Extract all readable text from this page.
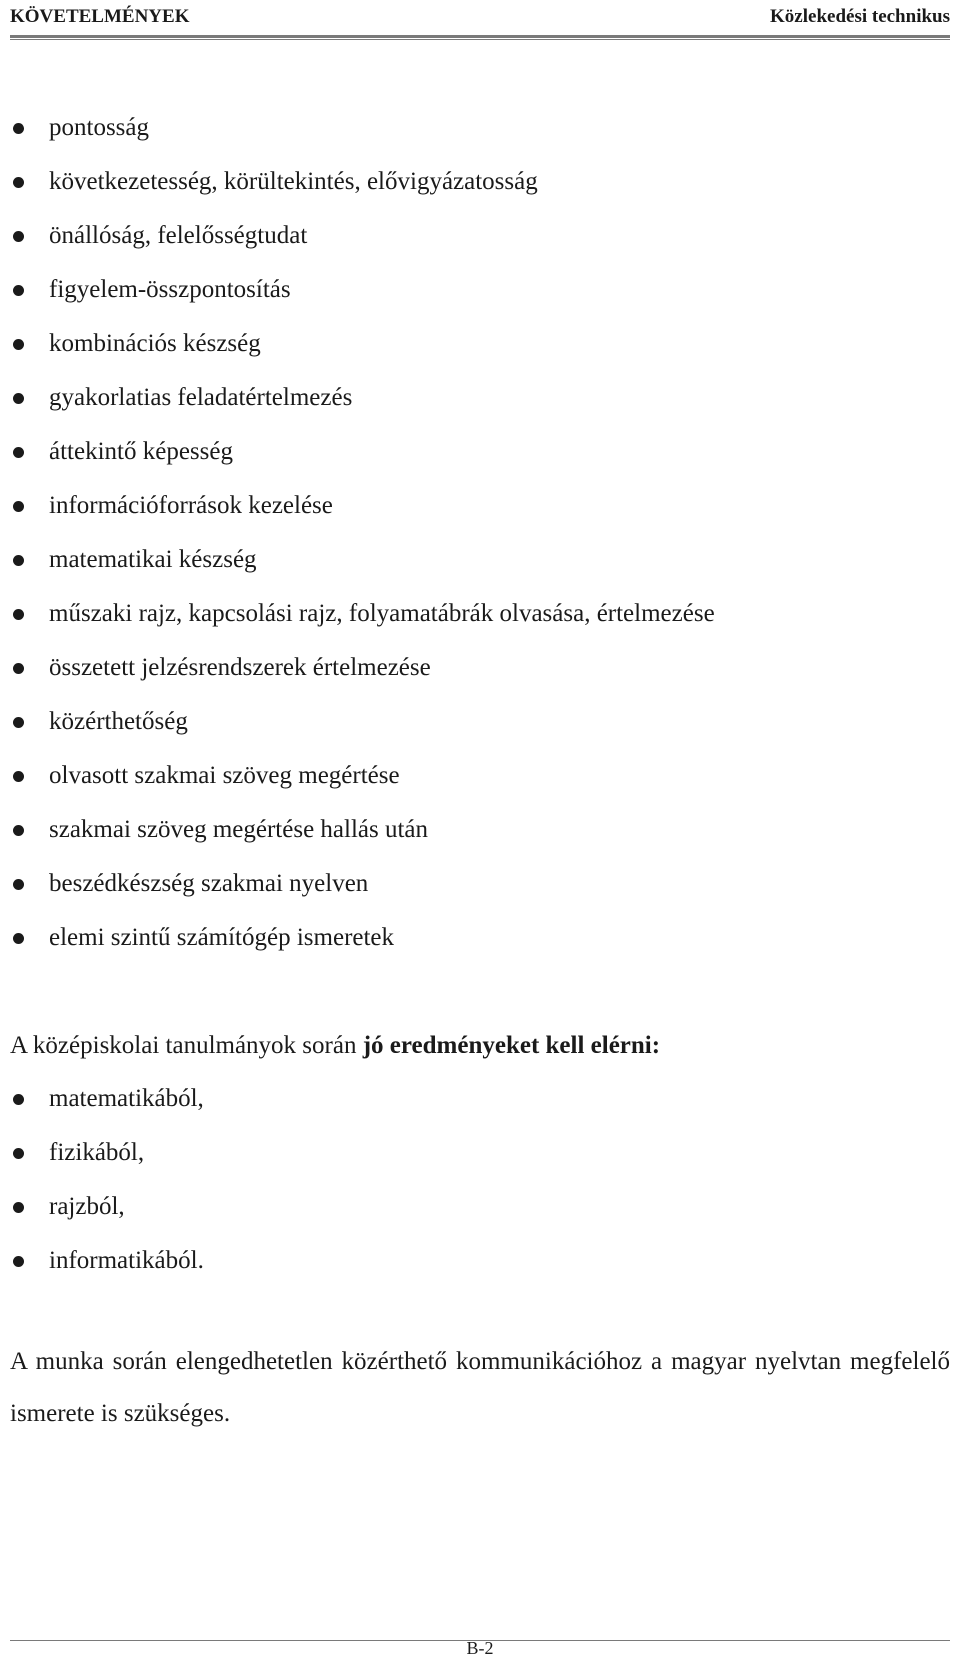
KÖVETELMÉNYEK	Közlekedési technikus
pontosság
következetesség, körültekintés, elővigyázatosság
önállóság, felelősségtudat
figyelem-összpontosítás
kombinációs készség
gyakorlatias feladatértelmezés
áttekintő képesség
információforrások kezelése
matematikai készség
műszaki rajz, kapcsolási rajz, folyamatábrák olvasása, értelmezése
összetett jelzésrendszerek értelmezése
közérthetőség
olvasott szakmai szöveg megértése
szakmai szöveg megértése hallás után
beszédkészség szakmai nyelven
elemi szintű számítógép ismeretek
A középiskolai tanulmányok során jó eredményeket kell elérni:
matematikából,
fizikából,
rajzból,
informatikából.
A munka során elengedhetetlen közérthető kommunikációhoz a magyar nyelvtan megfelelő ismerete is szükséges.
B-2
